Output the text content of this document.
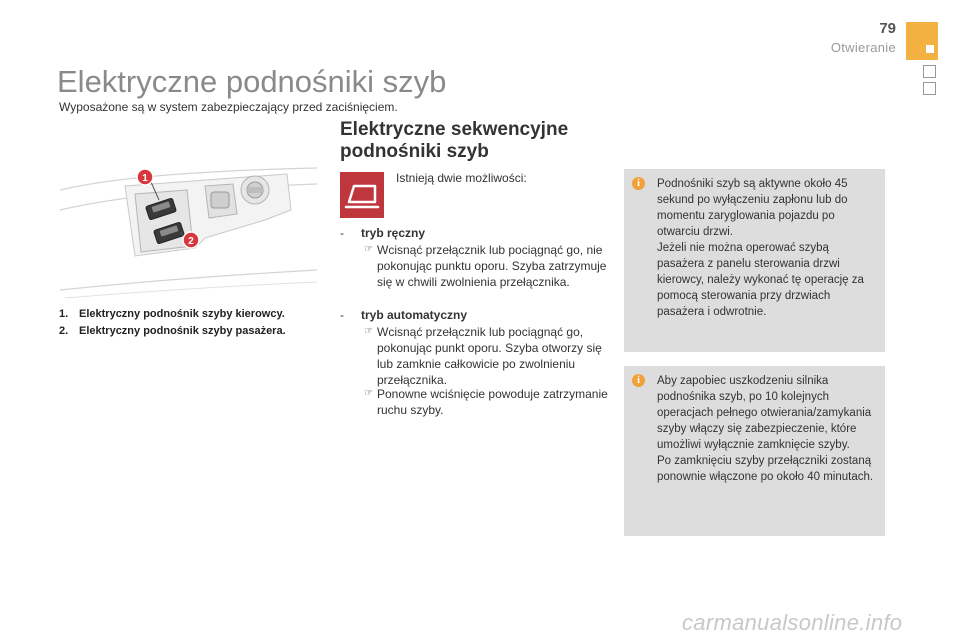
79
Otwieranie
Elektryczne podnośniki szyb
Wyposażone są w system zabezpieczający przed zaciśnięciem.
1
2
1. Elektryczny podnośnik szyby kierowcy.
2. Elektryczny podnośnik szyby pasażera.
Elektryczne sekwencyjne
podnośniki szyb
Istnieją dwie możliwości:
-	tryb ręczny
☞ Wcisnąć przełącznik lub pociągnąć go, nie pokonując punktu oporu. Szyba zatrzymuje się w chwili zwolnienia przełącznika.
-	tryb automatyczny
☞ Wcisnąć przełącznik lub pociągnąć go, pokonując punkt oporu. Szyba otworzy się lub zamknie całkowicie po zwolnieniu przełącznika.
☞ Ponowne wciśnięcie powoduje zatrzymanie ruchu szyby.
i	Podnośniki szyb są aktywne około 45 sekund po wyłączeniu zapłonu lub do momentu zaryglowania pojazdu po otwarciu drzwi.
Jeżeli nie można operować szybą pasażera z panelu sterowania drzwi kierowcy, należy wykonać tę operację za pomocą sterowania przy drzwiach pasażera i odwrotnie.
i	Aby zapobiec uszkodzeniu silnika podnośnika szyb, po 10 kolejnych operacjach pełnego otwierania/zamykania szyby włączy się zabezpieczenie, które umożliwi wyłącznie zamknięcie szyby.
Po zamknięciu szyby przełączniki zostaną ponownie włączone po około 40 minutach.
carmanualsonline.info
